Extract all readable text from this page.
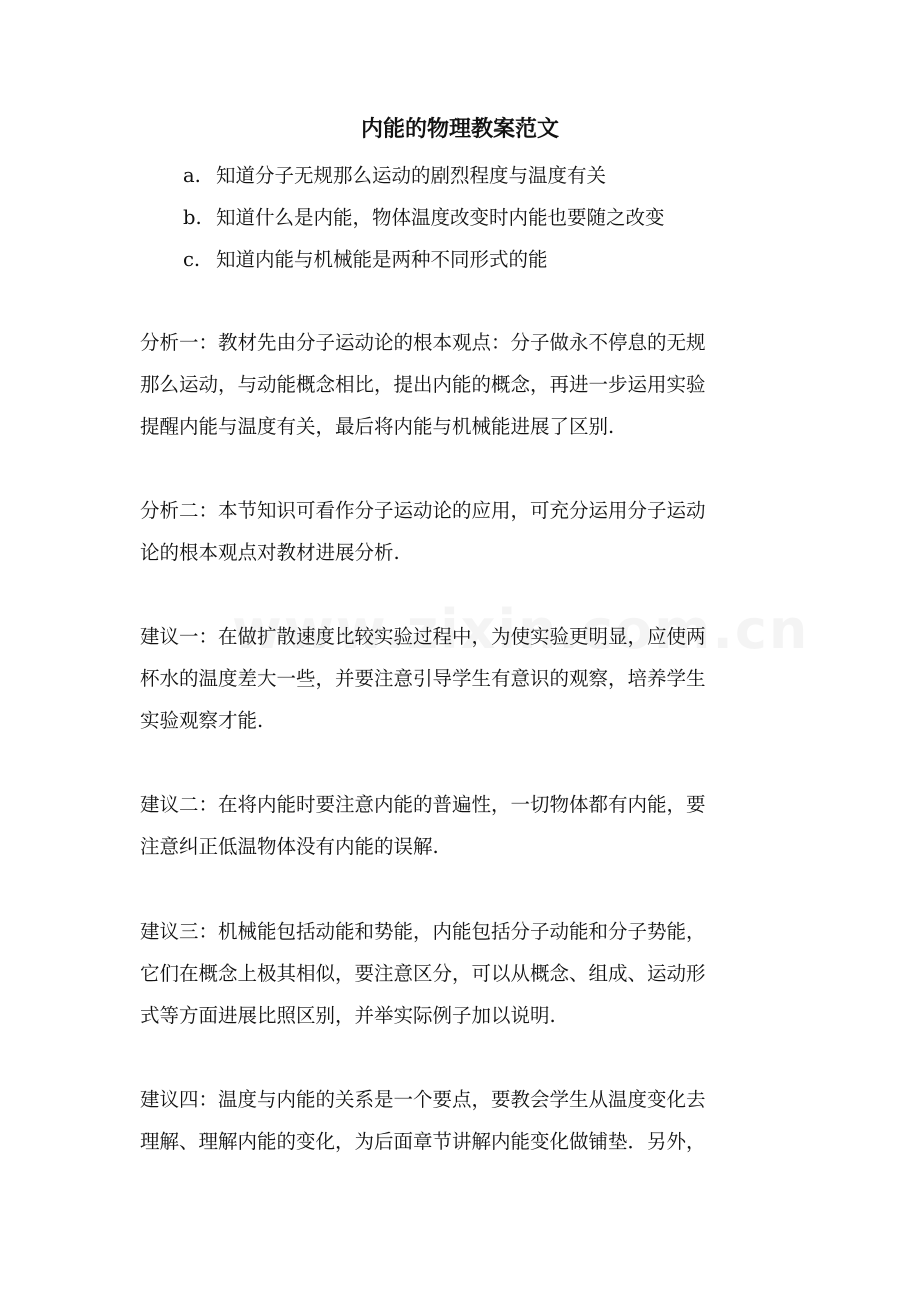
内能的物理教案范文
a. 知道分子无规那么运动的剧烈程度与温度有关
b. 知道什么是内能，物体温度改变时内能也要随之改变
c. 知道内能与机械能是两种不同形式的能
分析一：教材先由分子运动论的根本观点：分子做永不停息的无规
那么运动，与动能概念相比，提出内能的概念，再进一步运用实验
提醒内能与温度有关，最后将内能与机械能进展了区别.
分析二：本节知识可看作分子运动论的应用，可充分运用分子运动
论的根本观点对教材进展分析.
建议一：在做扩散速度比较实验过程中，为使实验更明显，应使两
杯水的温度差大一些，并要注意引导学生有意识的观察，培养学生
实验观察才能.
建议二：在将内能时要注意内能的普遍性，一切物体都有内能，要
注意纠正低温物体没有内能的误解.
建议三：机械能包括动能和势能，内能包括分子动能和分子势能，
它们在概念上极其相似，要注意区分，可以从概念、组成、运动形
式等方面进展比照区别，并举实际例子加以说明.
建议四：温度与内能的关系是一个要点，要教会学生从温度变化去
理解、理解内能的变化，为后面章节讲解内能变化做铺垫．另外，
